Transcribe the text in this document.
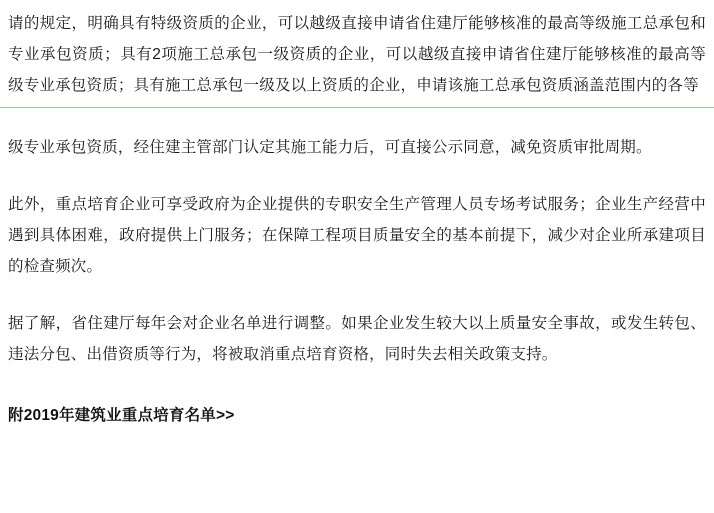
请的规定，明确具有特级资质的企业，可以越级直接申请省住建厅能够核准的最高等级施工总承包和专业承包资质；具有2项施工总承包一级资质的企业，可以越级直接申请省住建厅能够核准的最高等级专业承包资质；具有施工总承包一级及以上资质的企业，申请该施工总承包资质涵盖范围内的各等

级专业承包资质，经住建主管部门认定其施工能力后，可直接公示同意，减免资质审批周期。

此外，重点培育企业可享受政府为企业提供的专职安全生产管理人员专场考试服务；企业生产经营中遇到具体困难，政府提供上门服务；在保障工程项目质量安全的基本前提下，减少对企业所承建项目的检查频次。

据了解，省住建厅每年会对企业名单进行调整。如果企业发生较大以上质量安全事故，或发生转包、违法分包、出借资质等行为，将被取消重点培育资格，同时失去相关政策支持。

附2019年建筑业重点培育名单>>
